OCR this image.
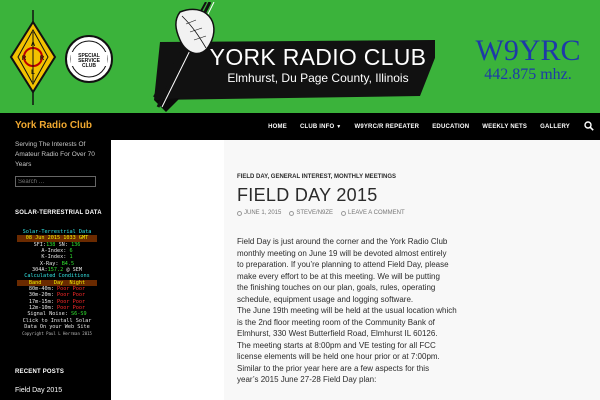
A
R R
L
SPECIAL
SERVICE
CLUB	YORK RADIO CLUB
Elmhurst, Du Page County, Illinois
W9YRC
442.875 mhz.
York Radio Club	HOME CLUB INFO ▼ W9YRC/R REPEATER EDUCATION WEEKLY NETS GALLERY
Serving The Interests Of Amateur Radio For Over 70 Years
Search …
SOLAR-TERRESTRIAL DATA
Solar-Terrestrial Data
08 Jun 2015 1033 GMT
SFI:138 SN: 136
A-Index: 6
K-Index: 1
X-Ray: B4.5
304A:157.2 @ SEM
Calculated Conditions
Band Day Night
80m-40m: Poor Poor
30m-20m: Poor Poor
17m-15m: Poor Poor
12m-10m: Poor Poor
Signal Noise: S6-S9
Click to Install Solar
Data On your Web Site
Copyright Paul L Herrman 2015
RECENT POSTS
Field Day 2015
FIELD DAY, GENERAL INTEREST, MONTHLY MEETINGS
FIELD DAY 2015
JUNE 1, 2015	STEVE/N9ZE	LEAVE A COMMENT

Field Day is just around the corner and the York Radio Club

monthly meeting on June 19 will be devoted almost entirely

to preparation. If you’re planning to attend Field Day, please

make every effort to be at this meeting. We will be putting

the finishing touches on our plan, goals, rules, operating

schedule, equipment usage and logging software.

The June 19th meeting will be held at the usual location which

is the 2nd floor meeting room of the Community Bank of

Elmhurst, 330 West Butterfield Road, Elmhurst IL 60126.

The meeting starts at 8:00pm and VE testing for all FCC

license elements will be held one hour prior or at 7:00pm.

Similar to the prior year here are a few aspects for this

year’s 2015 June 27-28 Field Day plan:
